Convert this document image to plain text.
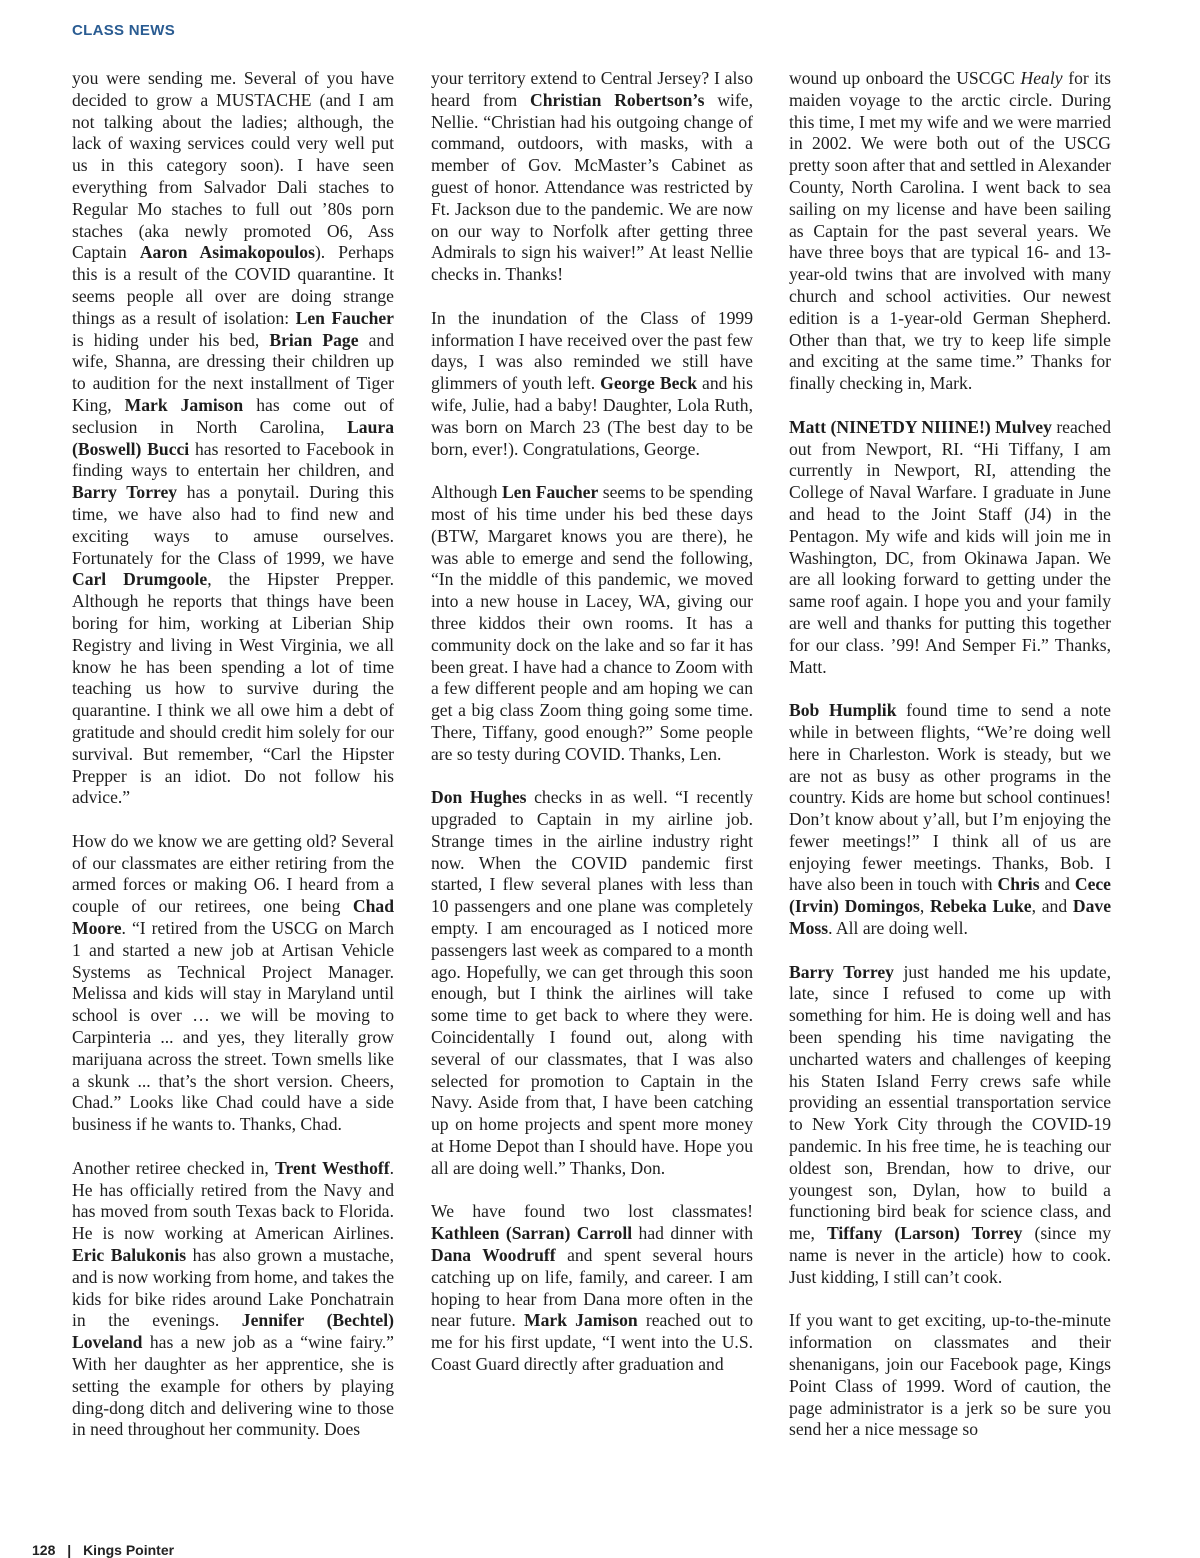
CLASS NEWS

you were sending me. Several of you have decided to grow a MUSTACHE (and I am not talking about the ladies; although, the lack of waxing services could very well put us in this category soon). I have seen everything from Salvador Dali staches to Regular Mo staches to full out ’80s porn staches (aka newly promoted O6, Ass Captain Aaron Asimakopoulos). Perhaps this is a result of the COVID quarantine. It seems people all over are doing strange things as a result of isolation: Len Faucher is hiding under his bed, Brian Page and wife, Shanna, are dressing their children up to audition for the next installment of Tiger King, Mark Jamison has come out of seclusion in North Carolina, Laura (Boswell) Bucci has resorted to Facebook in finding ways to entertain her children, and Barry Torrey has a ponytail. During this time, we have also had to find new and exciting ways to amuse ourselves. Fortunately for the Class of 1999, we have Carl Drumgoole, the Hipster Prepper. Although he reports that things have been boring for him, working at Liberian Ship Registry and living in West Virginia, we all know he has been spending a lot of time teaching us how to survive during the quarantine. I think we all owe him a debt of gratitude and should credit him solely for our survival. But remember, “Carl the Hipster Prepper is an idiot. Do not follow his advice.”

How do we know we are getting old? Several of our classmates are either retiring from the armed forces or making O6. I heard from a couple of our retirees, one being Chad Moore. “I retired from the USCG on March 1 and started a new job at Artisan Vehicle Systems as Technical Project Manager. Melissa and kids will stay in Maryland until school is over … we will be moving to Carpinteria ... and yes, they literally grow marijuana across the street. Town smells like a skunk ... that’s the short version. Cheers, Chad.” Looks like Chad could have a side business if he wants to. Thanks, Chad.

Another retiree checked in, Trent Westhoff. He has officially retired from the Navy and has moved from south Texas back to Florida. He is now working at American Airlines. Eric Balukonis has also grown a mustache, and is now working from home, and takes the kids for bike rides around Lake Ponchatrain in the evenings. Jennifer (Bechtel) Loveland has a new job as a “wine fairy.” With her daughter as her apprentice, she is setting the example for others by playing ding-dong ditch and delivering wine to those in need throughout her community. Does

your territory extend to Central Jersey? I also heard from Christian Robertson’s wife, Nellie. “Christian had his outgoing change of command, outdoors, with masks, with a member of Gov. McMaster’s Cabinet as guest of honor. Attendance was restricted by Ft. Jackson due to the pandemic. We are now on our way to Norfolk after getting three Admirals to sign his waiver!” At least Nellie checks in. Thanks!

In the inundation of the Class of 1999 information I have received over the past few days, I was also reminded we still have glimmers of youth left. George Beck and his wife, Julie, had a baby! Daughter, Lola Ruth, was born on March 23 (The best day to be born, ever!). Congratulations, George.

Although Len Faucher seems to be spending most of his time under his bed these days (BTW, Margaret knows you are there), he was able to emerge and send the following, “In the middle of this pandemic, we moved into a new house in Lacey, WA, giving our three kiddos their own rooms. It has a community dock on the lake and so far it has been great. I have had a chance to Zoom with a few different people and am hoping we can get a big class Zoom thing going some time. There, Tiffany, good enough?” Some people are so testy during COVID. Thanks, Len.

Don Hughes checks in as well. “I recently upgraded to Captain in my airline job. Strange times in the airline industry right now. When the COVID pandemic first started, I flew several planes with less than 10 passengers and one plane was completely empty. I am encouraged as I noticed more passengers last week as compared to a month ago. Hopefully, we can get through this soon enough, but I think the airlines will take some time to get back to where they were. Coincidentally I found out, along with several of our classmates, that I was also selected for promotion to Captain in the Navy. Aside from that, I have been catching up on home projects and spent more money at Home Depot than I should have. Hope you all are doing well.” Thanks, Don.

We have found two lost classmates! Kathleen (Sarran) Carroll had dinner with Dana Woodruff and spent several hours catching up on life, family, and career. I am hoping to hear from Dana more often in the near future. Mark Jamison reached out to me for his first update, “I went into the U.S. Coast Guard directly after graduation and

wound up onboard the USCGC Healy for its maiden voyage to the arctic circle. During this time, I met my wife and we were married in 2002. We were both out of the USCG pretty soon after that and settled in Alexander County, North Carolina. I went back to sea sailing on my license and have been sailing as Captain for the past several years. We have three boys that are typical 16- and 13-year-old twins that are involved with many church and school activities. Our newest edition is a 1-year-old German Shepherd. Other than that, we try to keep life simple and exciting at the same time.” Thanks for finally checking in, Mark.

Matt (NINETDY NIIINE!) Mulvey reached out from Newport, RI. “Hi Tiffany, I am currently in Newport, RI, attending the College of Naval Warfare. I graduate in June and head to the Joint Staff (J4) in the Pentagon. My wife and kids will join me in Washington, DC, from Okinawa Japan. We are all looking forward to getting under the same roof again. I hope you and your family are well and thanks for putting this together for our class. ’99! And Semper Fi.” Thanks, Matt.

Bob Humplik found time to send a note while in between flights, “We’re doing well here in Charleston. Work is steady, but we are not as busy as other programs in the country. Kids are home but school continues! Don’t know about y’all, but I’m enjoying the fewer meetings!” I think all of us are enjoying fewer meetings. Thanks, Bob. I have also been in touch with Chris and Cece (Irvin) Domingos, Rebeka Luke, and Dave Moss. All are doing well.

Barry Torrey just handed me his update, late, since I refused to come up with something for him. He is doing well and has been spending his time navigating the uncharted waters and challenges of keeping his Staten Island Ferry crews safe while providing an essential transportation service to New York City through the COVID-19 pandemic. In his free time, he is teaching our oldest son, Brendan, how to drive, our youngest son, Dylan, how to build a functioning bird beak for science class, and me, Tiffany (Larson) Torrey (since my name is never in the article) how to cook. Just kidding, I still can’t cook.

If you want to get exciting, up-to-the-minute information on classmates and their shenanigans, join our Facebook page, Kings Point Class of 1999. Word of caution, the page administrator is a jerk so be sure you send her a nice message so

128 | Kings Pointer
